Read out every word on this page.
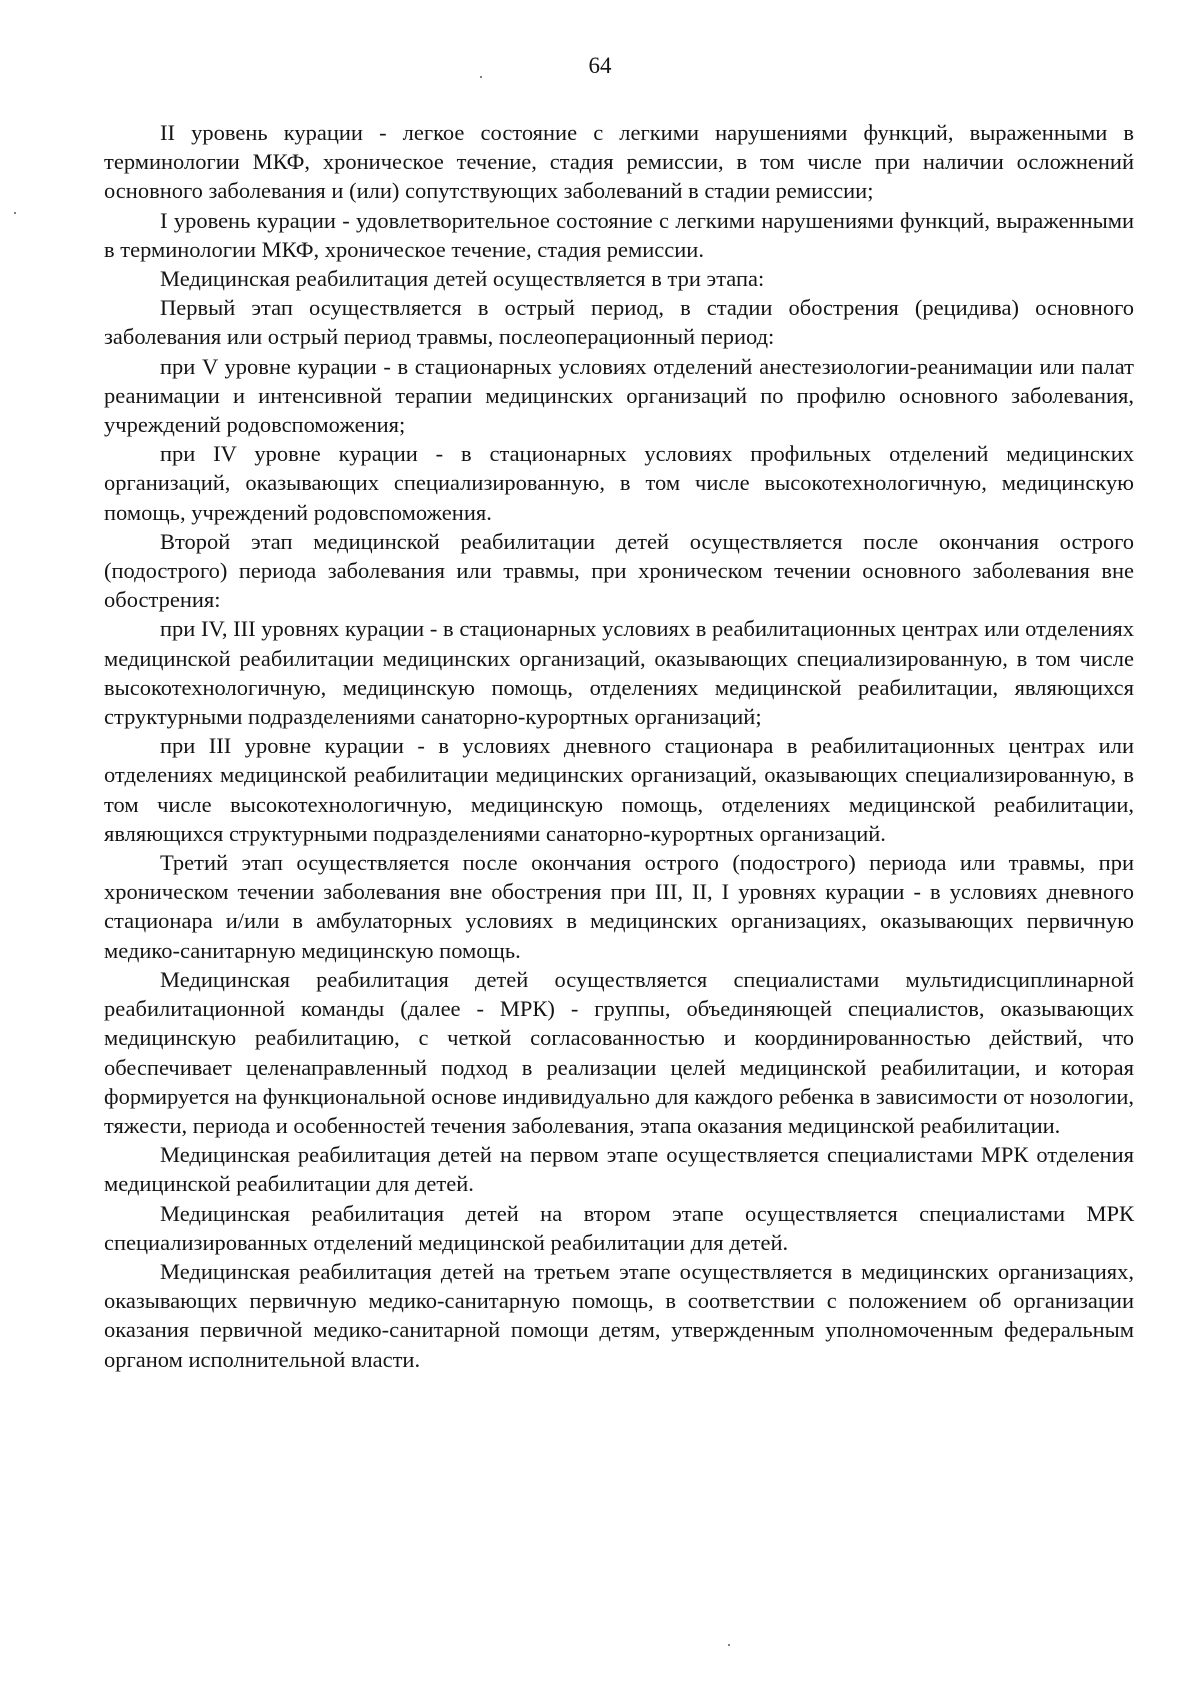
64

II уровень курации - легкое состояние с легкими нарушениями функций, выраженными в терминологии МКФ, хроническое течение, стадия ремиссии, в том числе при наличии осложнений основного заболевания и (или) сопутствующих заболеваний в стадии ремиссии;

I уровень курации - удовлетворительное состояние с легкими нарушениями функций, выраженными в терминологии МКФ, хроническое течение, стадия ремиссии.

Медицинская реабилитация детей осуществляется в три этапа:

Первый этап осуществляется в острый период, в стадии обострения (рецидива) основного заболевания или острый период травмы, послеоперационный период:

при V уровне курации - в стационарных условиях отделений анестезиологии-реанимации или палат реанимации и интенсивной терапии медицинских организаций по профилю основного заболевания, учреждений родовспоможения;

при IV уровне курации - в стационарных условиях профильных отделений медицинских организаций, оказывающих специализированную, в том числе высокотехнологичную, медицинскую помощь, учреждений родовспоможения.

Второй этап медицинской реабилитации детей осуществляется после окончания острого (подострого) периода заболевания или травмы, при хроническом течении основного заболевания вне обострения:

при IV, III уровнях курации - в стационарных условиях в реабилитационных центрах или отделениях медицинской реабилитации медицинских организаций, оказывающих специализированную, в том числе высокотехнологичную, медицинскую помощь, отделениях медицинской реабилитации, являющихся структурными подразделениями санаторно-курортных организаций;

при III уровне курации - в условиях дневного стационара в реабилитационных центрах или отделениях медицинской реабилитации медицинских организаций, оказывающих специализированную, в том числе высокотехнологичную, медицинскую помощь, отделениях медицинской реабилитации, являющихся структурными подразделениями санаторно-курортных организаций.

Третий этап осуществляется после окончания острого (подострого) периода или травмы, при хроническом течении заболевания вне обострения при III, II, I уровнях курации - в условиях дневного стационара и/или в амбулаторных условиях в медицинских организациях, оказывающих первичную медико-санитарную медицинскую помощь.

Медицинская реабилитация детей осуществляется специалистами мультидисциплинарной реабилитационной команды (далее - МРК) - группы, объединяющей специалистов, оказывающих медицинскую реабилитацию, с четкой согласованностью и координированностью действий, что обеспечивает целенаправленный подход в реализации целей медицинской реабилитации, и которая формируется на функциональной основе индивидуально для каждого ребенка в зависимости от нозологии, тяжести, периода и особенностей течения заболевания, этапа оказания медицинской реабилитации.

Медицинская реабилитация детей на первом этапе осуществляется специалистами МРК отделения медицинской реабилитации для детей.

Медицинская реабилитация детей на втором этапе осуществляется специалистами МРК специализированных отделений медицинской реабилитации для детей.

Медицинская реабилитация детей на третьем этапе осуществляется в медицинских организациях, оказывающих первичную медико-санитарную помощь, в соответствии с положением об организации оказания первичной медико-санитарной помощи детям, утвержденным уполномоченным федеральным органом исполнительной власти.
